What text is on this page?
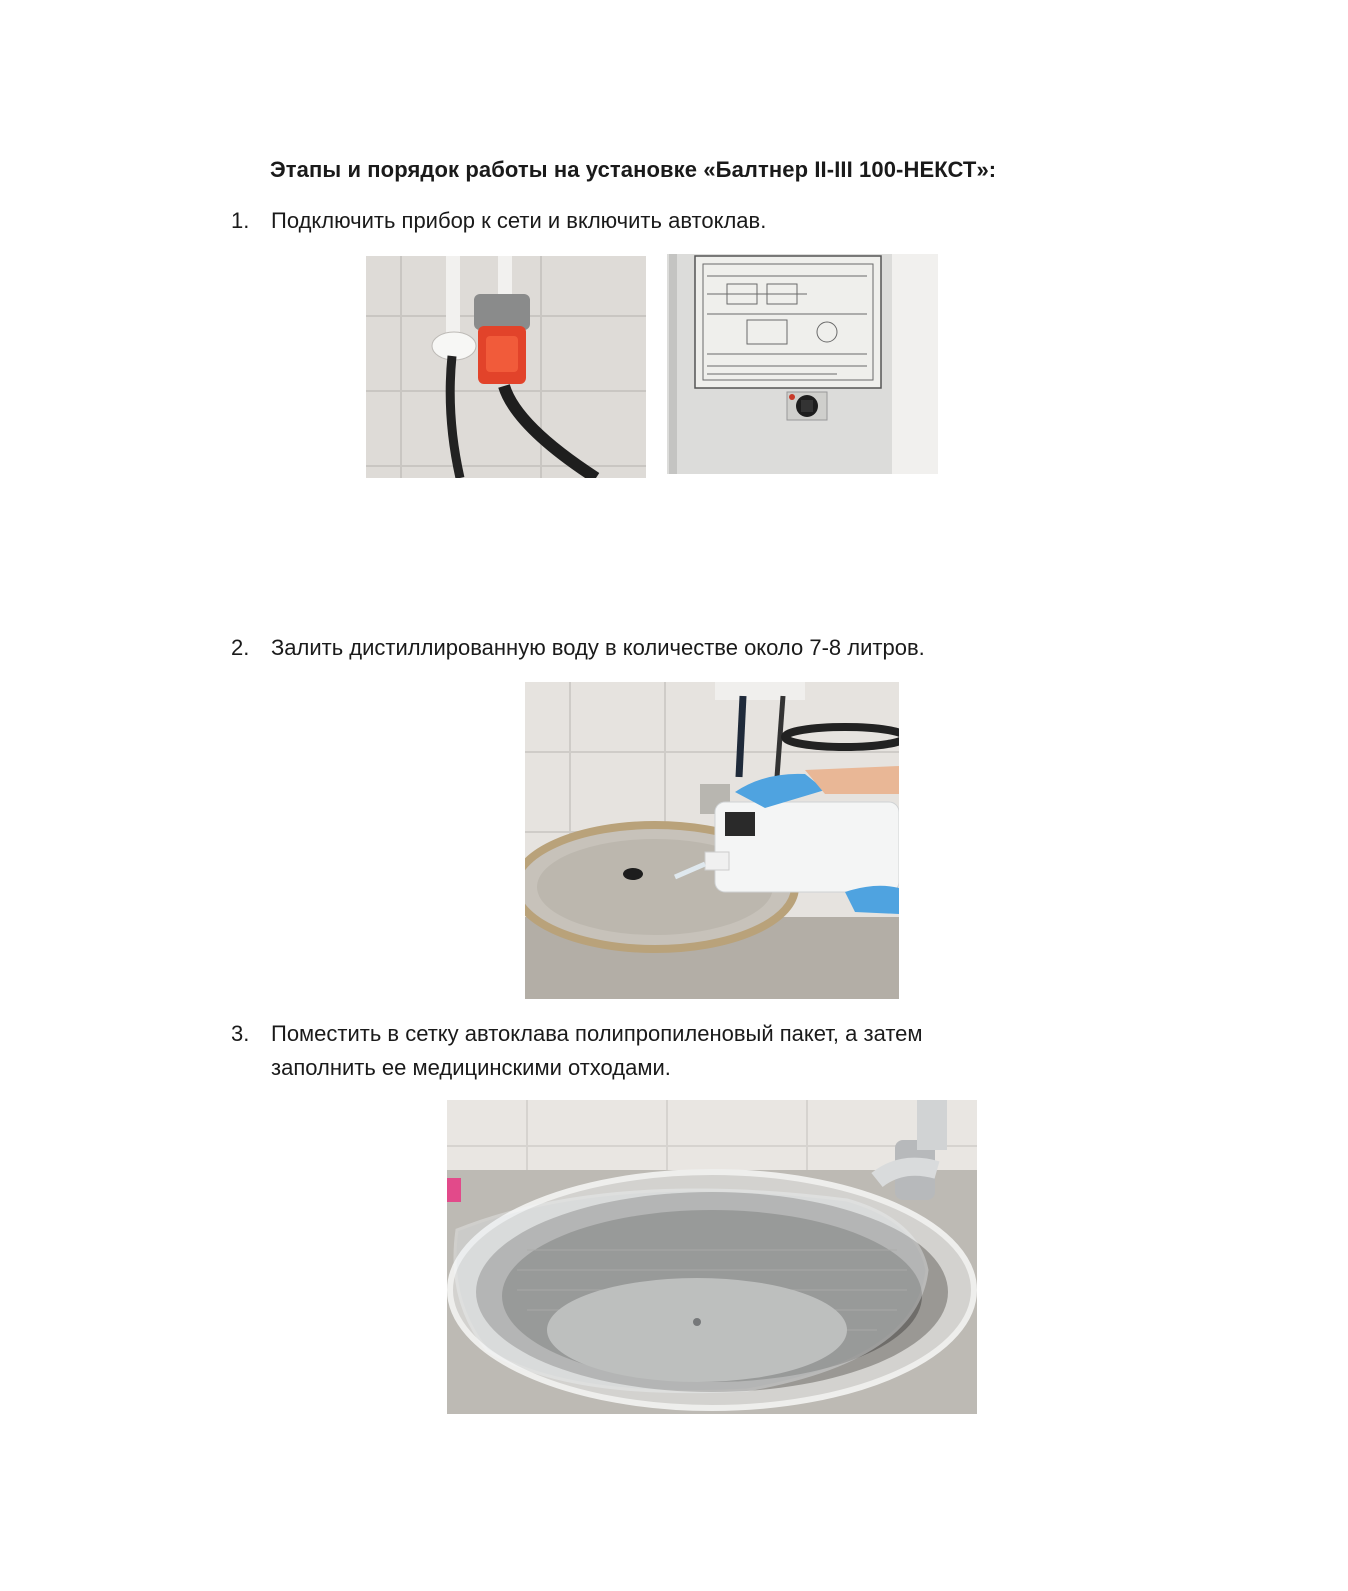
Этапы и порядок работы на установке «Балтнер II-III 100-НЕКСТ»:
1. Подключить прибор к сети и включить автоклав.
2. Залить дистиллированную воду в количестве около 7-8 литров.
3. Поместить в сетку автоклава полипропиленовый пакет, а затем
заполнить ее медицинскими отходами.
